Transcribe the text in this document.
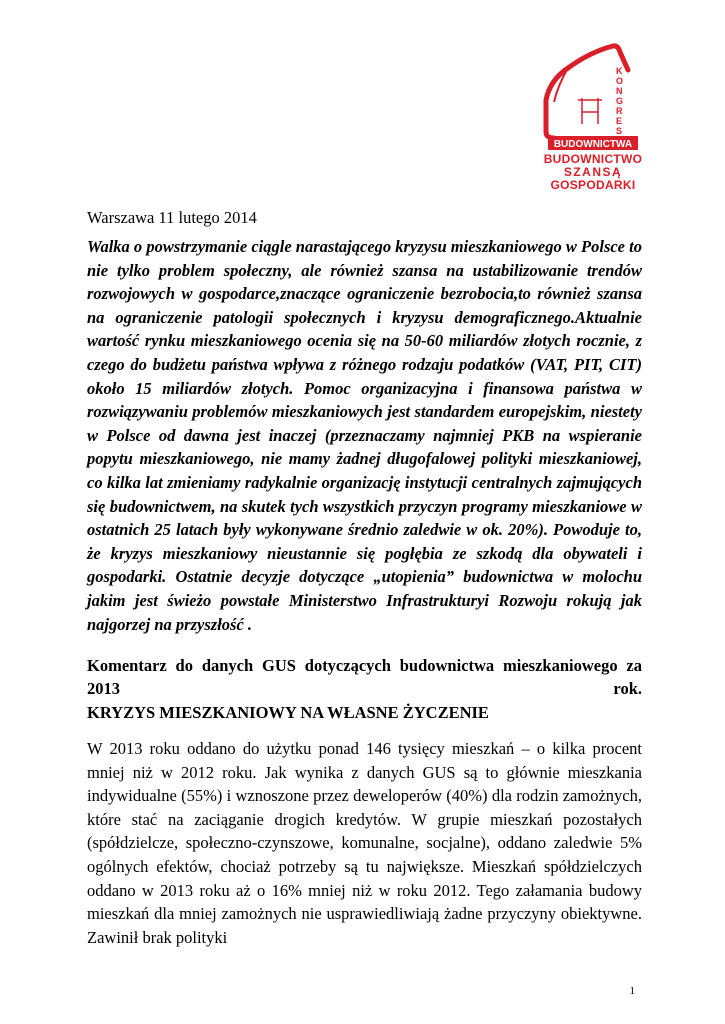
K
O
N
G
R
E
S
BUDOWNICTWA
BUDOWNICTWO
SZANSĄ
GOSPODARKI
Warszawa 11 lutego 2014
Walka o powstrzymanie ciągle narastającego kryzysu mieszkaniowego w Polsce to nie tylko problem społeczny, ale również szansa na ustabilizowanie trendów rozwojowych w gospodarce,znaczące ograniczenie bezrobocia,to również szansa na ograniczenie patologii społecznych i kryzysu demograficznego.Aktualnie wartość rynku mieszkaniowego ocenia się na 50-60 miliardów złotych rocznie, z czego do budżetu państwa wpływa z różnego rodzaju podatków (VAT, PIT, CIT) około 15 miliardów złotych. Pomoc organizacyjna i finansowa państwa w rozwiązywaniu problemów mieszkaniowych jest standardem europejskim, niestety w Polsce od dawna jest inaczej (przeznaczamy najmniej PKB na wspieranie popytu mieszkaniowego, nie mamy żadnej długofalowej polityki mieszkaniowej, co kilka lat zmieniamy radykalnie organizację instytucji centralnych zajmujących się budownictwem, na skutek tych wszystkich przyczyn programy mieszkaniowe w ostatnich 25 latach były wykonywane średnio zaledwie w ok. 20%). Powoduje to, że kryzys mieszkaniowy nieustannie się pogłębia ze szkodą dla obywateli i gospodarki. Ostatnie decyzje dotyczące „utopienia” budownictwa w molochu jakim jest świeżo powstałe Ministerstwo Infrastrukturyi Rozwoju rokują jak najgorzej na przyszłość .
Komentarz do danych GUS dotyczących budownictwa mieszkaniowego za
2013	rok.
KRYZYS MIESZKANIOWY NA WŁASNE ŻYCZENIE
W 2013 roku oddano do użytku ponad 146 tysięcy mieszkań – o kilka procent mniej niż w 2012 roku. Jak wynika z danych GUS są to głównie mieszkania indywidualne (55%) i wznoszone przez deweloperów (40%) dla rodzin zamożnych, które stać na zaciąganie drogich kredytów. W grupie mieszkań pozostałych (spółdzielcze, społeczno-czynszowe, komunalne, socjalne), oddano zaledwie 5% ogólnych efektów, chociaż potrzeby są tu największe. Mieszkań spółdzielczych oddano w 2013 roku aż o 16% mniej niż w roku 2012. Tego załamania budowy mieszkań dla mniej zamożnych nie usprawiedliwiają żadne przyczyny obiektywne. Zawinił brak polityki
1
